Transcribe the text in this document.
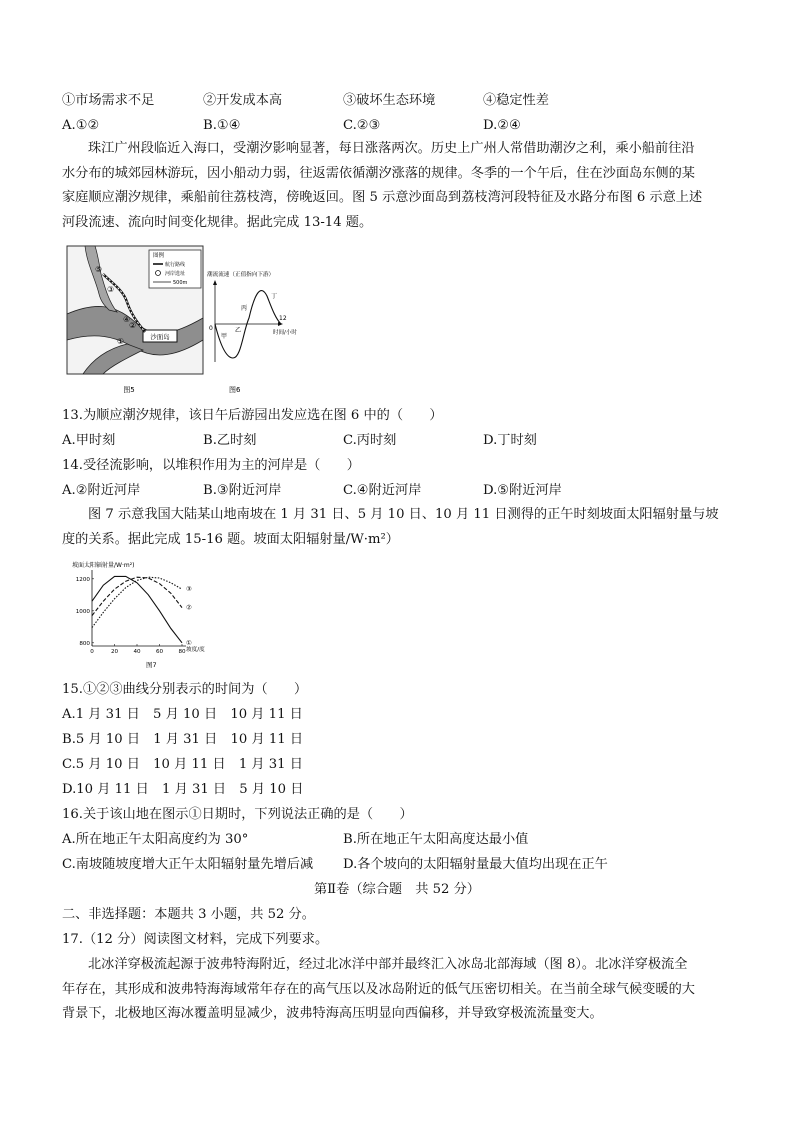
①市场需求不足	②开发成本高	③破坏生态环境	④稳定性差
A.①②	B.①④	C.②③	D.②④

珠江广州段临近入海口，受潮汐影响显著，每日涨落两次。历史上广州人常借助潮汐之利，乘小船前往沿

水分布的城郊园林游玩，因小船动力弱，往返需依循潮汐涨落的规律。冬季的一个午后，住在沙面岛东侧的某

家庭顺应潮汐规律，乘船前往荔枝湾，傍晚返回。图 5 示意沙面岛到荔枝湾河段特征及水路分布图 6 示意上述

河段流速、流向时间变化规律。据此完成 13-14 题。

沙面岛
⑤
③
④
①
②
图例
航行路线
河岸选址
500m
图5
潮流流速（正值指向下游）
0
12
时间/小时
甲
乙
丙
丁
图6
13.为顺应潮汐规律，该日午后游园出发应选在图 6 中的（　　）
A.甲时刻	B.乙时刻	C.丙时刻	D.丁时刻
14.受径流影响，以堆积作用为主的河岸是（　　）
A.②附近河岸	B.③附近河岸	C.④附近河岸	D.⑤附近河岸

图 7 示意我国大陆某山地南坡在 1 月 31 日、5 月 10 日、10 月 11 日测得的正午时刻坡面太阳辐射量与坡

度的关系。据此完成 15-16 题。坡面太阳辐射量/W·m²）

坡面太阳辐射量/W·m²)
坡度/度
图7
0	20	40	60	80
800
1000
1200
①
②
③
15.①②③曲线分别表示的时间为（　　）
A.1 月 31 日　5 月 10 日　10 月 11 日
B.5 月 10 日　1 月 31 日　10 月 11 日
C.5 月 10 日　10 月 11 日　1 月 31 日
D.10 月 11 日　1 月 31 日　5 月 10 日
16.关于该山地在图示①日期时，下列说法正确的是（　　）
A.所在地正午太阳高度约为 30°	B.所在地正午太阳高度达最小值
C.南坡随坡度增大正午太阳辐射量先增后减 D.各个坡向的太阳辐射量最大值均出现在正午
第Ⅱ卷（综合题　共 52 分）
二、非选择题：本题共 3 小题，共 52 分。
17.（12 分）阅读图文材料，完成下列要求。

北冰洋穿极流起源于波弗特海附近，经过北冰洋中部并最终汇入冰岛北部海域（图 8）。北冰洋穿极流全

年存在，其形成和波弗特海海域常年存在的高气压以及冰岛附近的低气压密切相关。在当前全球气候变暖的大

背景下，北极地区海冰覆盖明显减少，波弗特海高压明显向西偏移，并导致穿极流流量变大。
